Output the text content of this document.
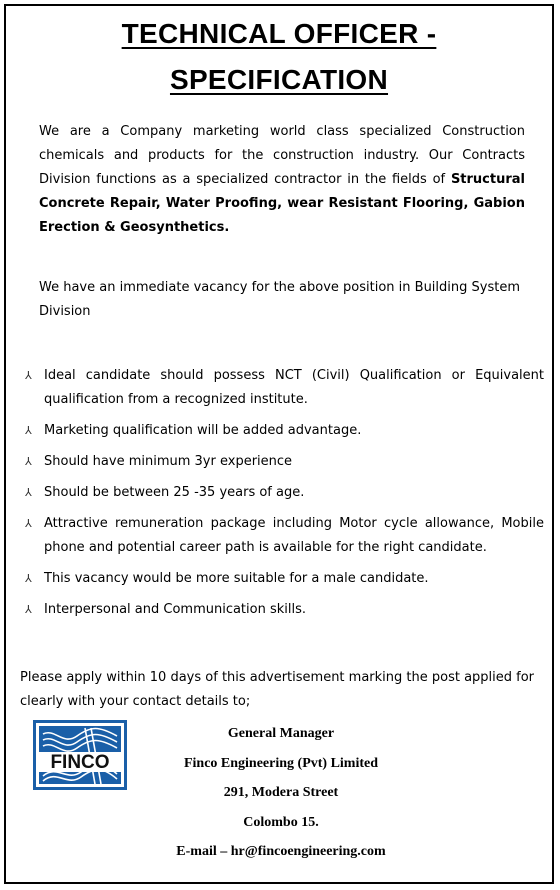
TECHNICAL OFFICER -
SPECIFICATION

We are a Company marketing world class specialized Construction chemicals and products for the construction industry. Our Contracts Division functions as a specialized contractor in the fields of Structural Concrete Repair, Water Proofing, wear Resistant Flooring, Gabion Erection & Geosynthetics.

We have an immediate vacancy for the above position in Building System Division

⅄ Ideal candidate should possess NCT (Civil) Qualification or Equivalent qualification from a recognized institute.
⅄ Marketing qualification will be added advantage.
⅄ Should have minimum 3yr experience
⅄ Should be between 25 -35 years of age.
⅄ Attractive remuneration package including Motor cycle allowance, Mobile phone and potential career path is available for the right candidate.
⅄ This vacancy would be more suitable for a male candidate.
⅄ Interpersonal and Communication skills.

Please apply within 10 days of this advertisement marking the post applied for clearly with your contact details to;

FINCO
General Manager
Finco Engineering (Pvt) Limited
291, Modera Street
Colombo 15.
E-mail – hr@fincoengineering.com
